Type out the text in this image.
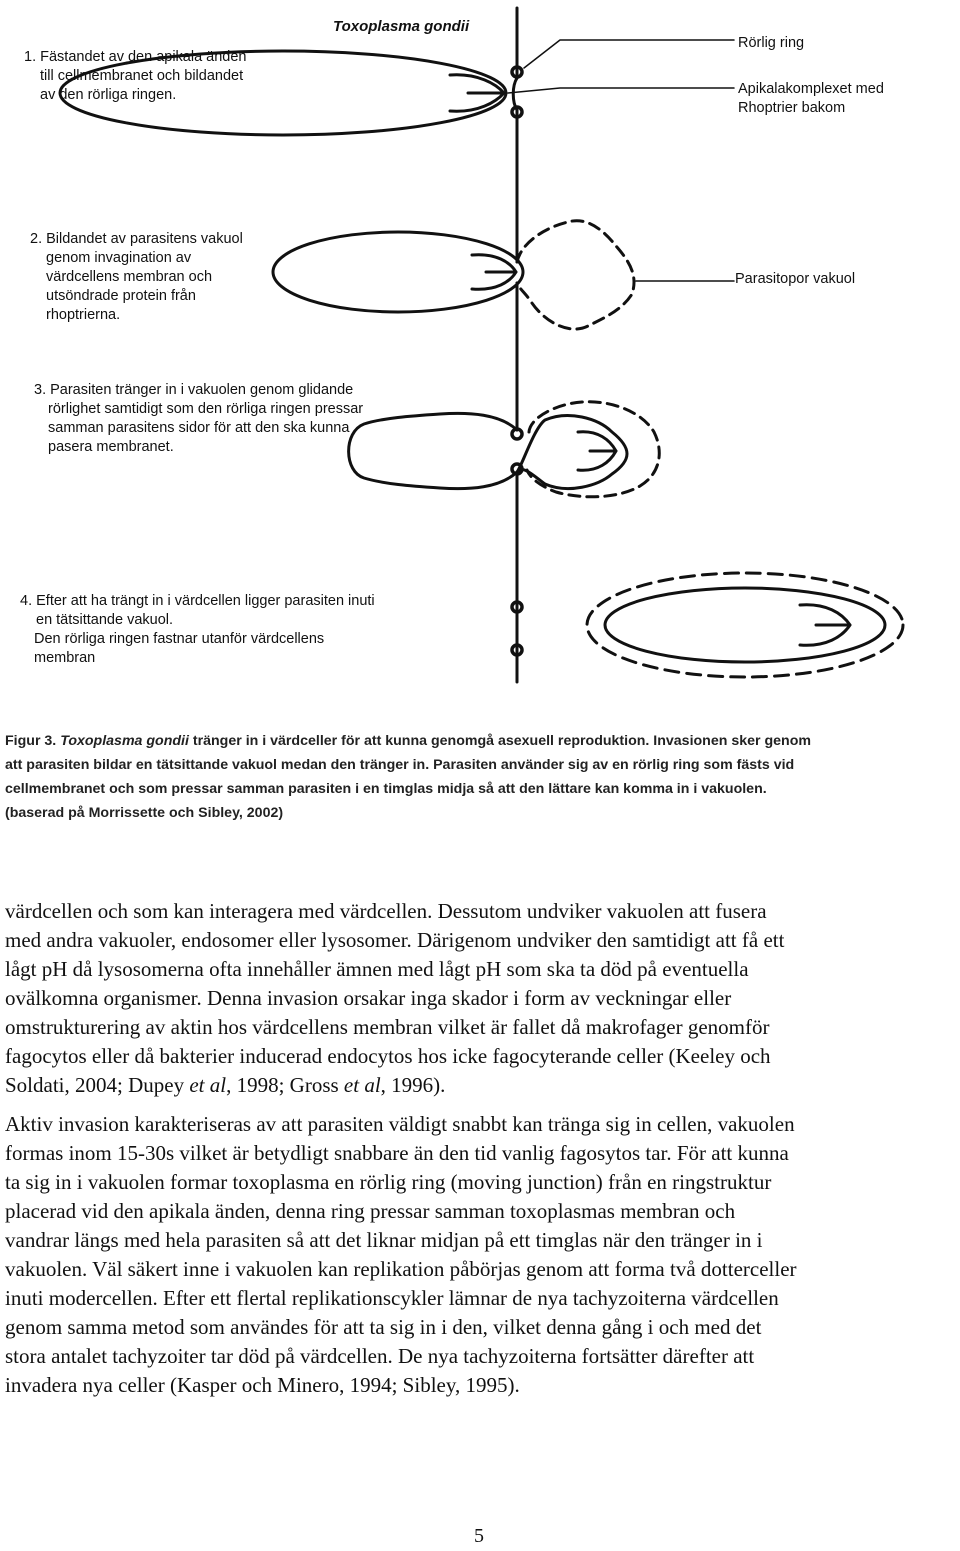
Toxoplasma gondii
Rörlig ring
Apikalakomplexet med
Rhoptrier bakom
Parasitopor vakuol
1. Fästandet av den apikala änden
till cellmembranet och bildandet
av den rörliga ringen.
2. Bildandet av parasitens vakuol
genom invagination av
värdcellens membran och
utsöndrade protein från
rhoptrierna.
3. Parasiten tränger in i vakuolen genom glidande
rörlighet samtidigt som den rörliga ringen pressar
samman parasitens sidor för att den ska kunna
pasera membranet.
4. Efter att ha trängt in i värdcellen ligger parasiten inuti
en tätsittande vakuol.
Den rörliga ringen fastnar utanför värdcellens
membran
Figur 3. Toxoplasma gondii tränger in i värdceller för att kunna genomgå asexuell reproduktion. Invasionen sker genom
att parasiten bildar en tätsittande vakuol medan den tränger in. Parasiten använder sig av en rörlig ring som fästs vid
cellmembranet och som pressar samman parasiten i en timglas midja så att den lättare kan komma in i vakuolen.
(baserad på Morrissette och Sibley, 2002)

värdcellen och som kan interagera med värdcellen. Dessutom undviker vakuolen att fusera
med andra vakuoler, endosomer eller lysosomer. Därigenom undviker den samtidigt att få ett
lågt pH då lysosomerna ofta innehåller ämnen med lågt pH som ska ta död på eventuella
ovälkomna organismer. Denna invasion orsakar inga skador i form av veckningar eller
omstrukturering av aktin hos värdcellens membran vilket är fallet då makrofager genomför
fagocytos eller då bakterier inducerad endocytos hos icke fagocyterande celler (Keeley och
Soldati, 2004; Dupey et al, 1998; Gross et al, 1996).

Aktiv invasion karakteriseras av att parasiten väldigt snabbt kan tränga sig in cellen, vakuolen
formas inom 15-30s vilket är betydligt snabbare än den tid vanlig fagosytos tar. För att kunna
ta sig in i vakuolen formar toxoplasma en rörlig ring (moving junction) från en ringstruktur
placerad vid den apikala änden, denna ring pressar samman toxoplasmas membran och
vandrar längs med hela parasiten så att det liknar midjan på ett timglas när den tränger in i
vakuolen. Väl säkert inne i vakuolen kan replikation påbörjas genom att forma två dotterceller
inuti modercellen. Efter ett flertal replikationscykler lämnar de nya tachyzoiterna värdcellen
genom samma metod som användes för att ta sig in i den, vilket denna gång i och med det
stora antalet tachyzoiter tar död på värdcellen. De nya tachyzoiterna fortsätter därefter att
invadera nya celler (Kasper och Minero, 1994; Sibley, 1995).

5
